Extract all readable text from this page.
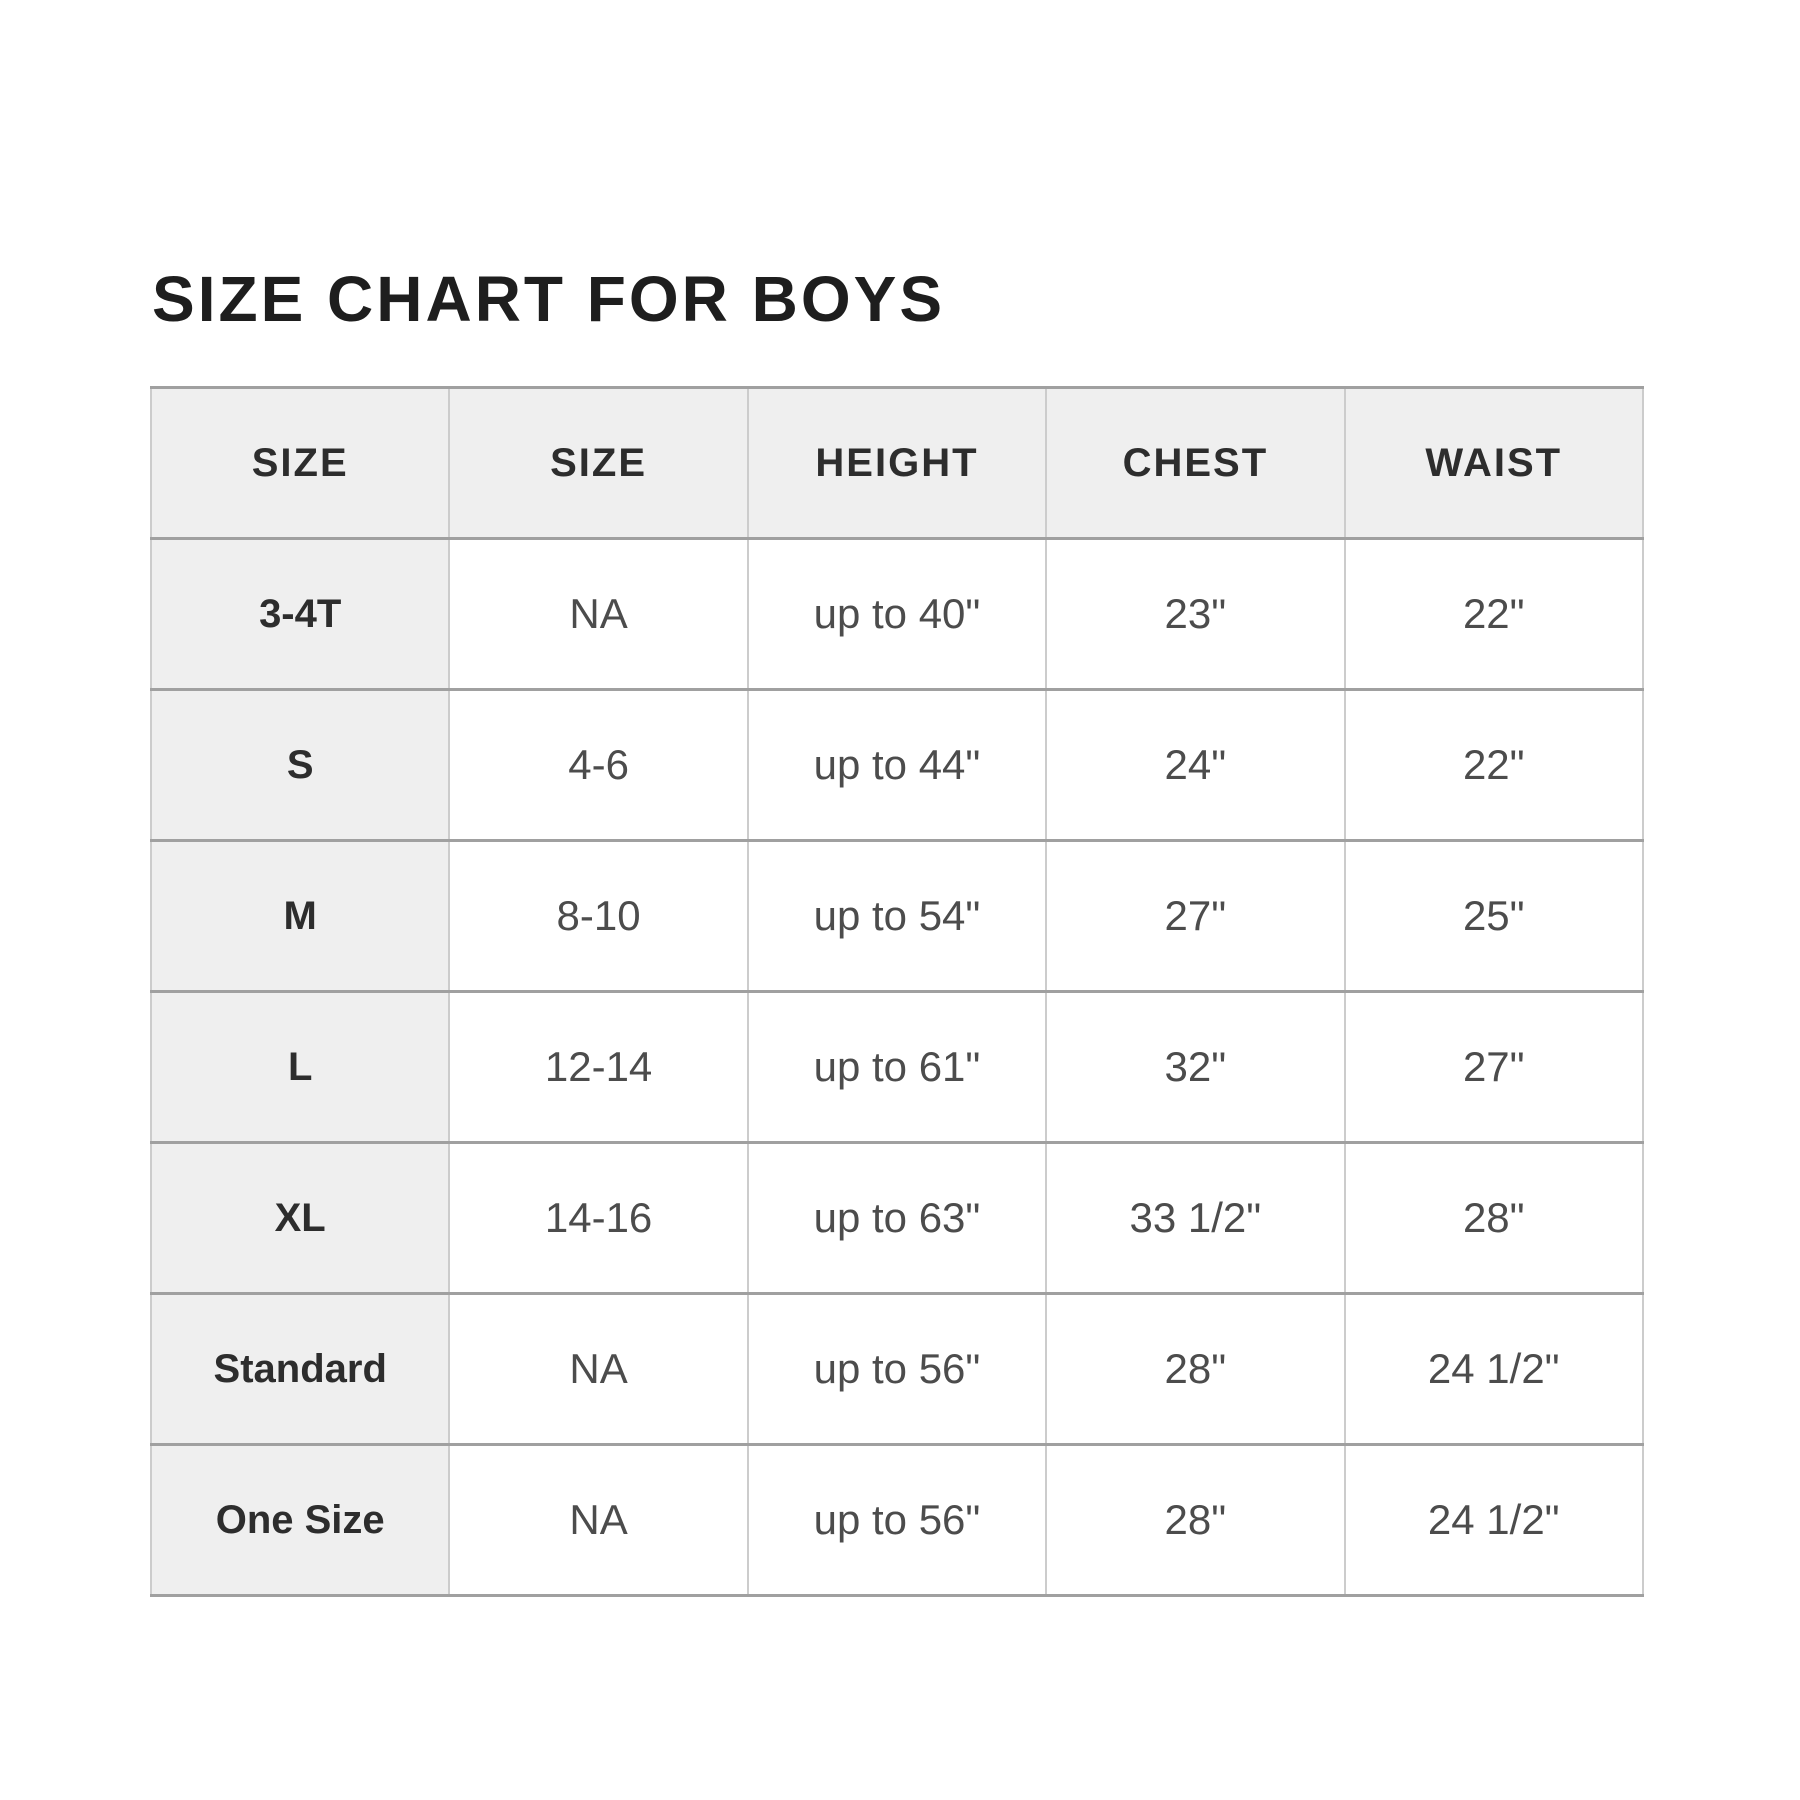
SIZE CHART FOR BOYS
SIZE	SIZE	HEIGHT	CHEST	WAIST
3-4T	NA	up to 40"	23"	22"
S	4-6	up to 44"	24"	22"
M	8-10	up to 54"	27"	25"
L	12-14	up to 61"	32"	27"
XL	14-16	up to 63"	33 1/2"	28"
Standard	NA	up to 56"	28"	24 1/2"
One Size	NA	up to 56"	28"	24 1/2"
